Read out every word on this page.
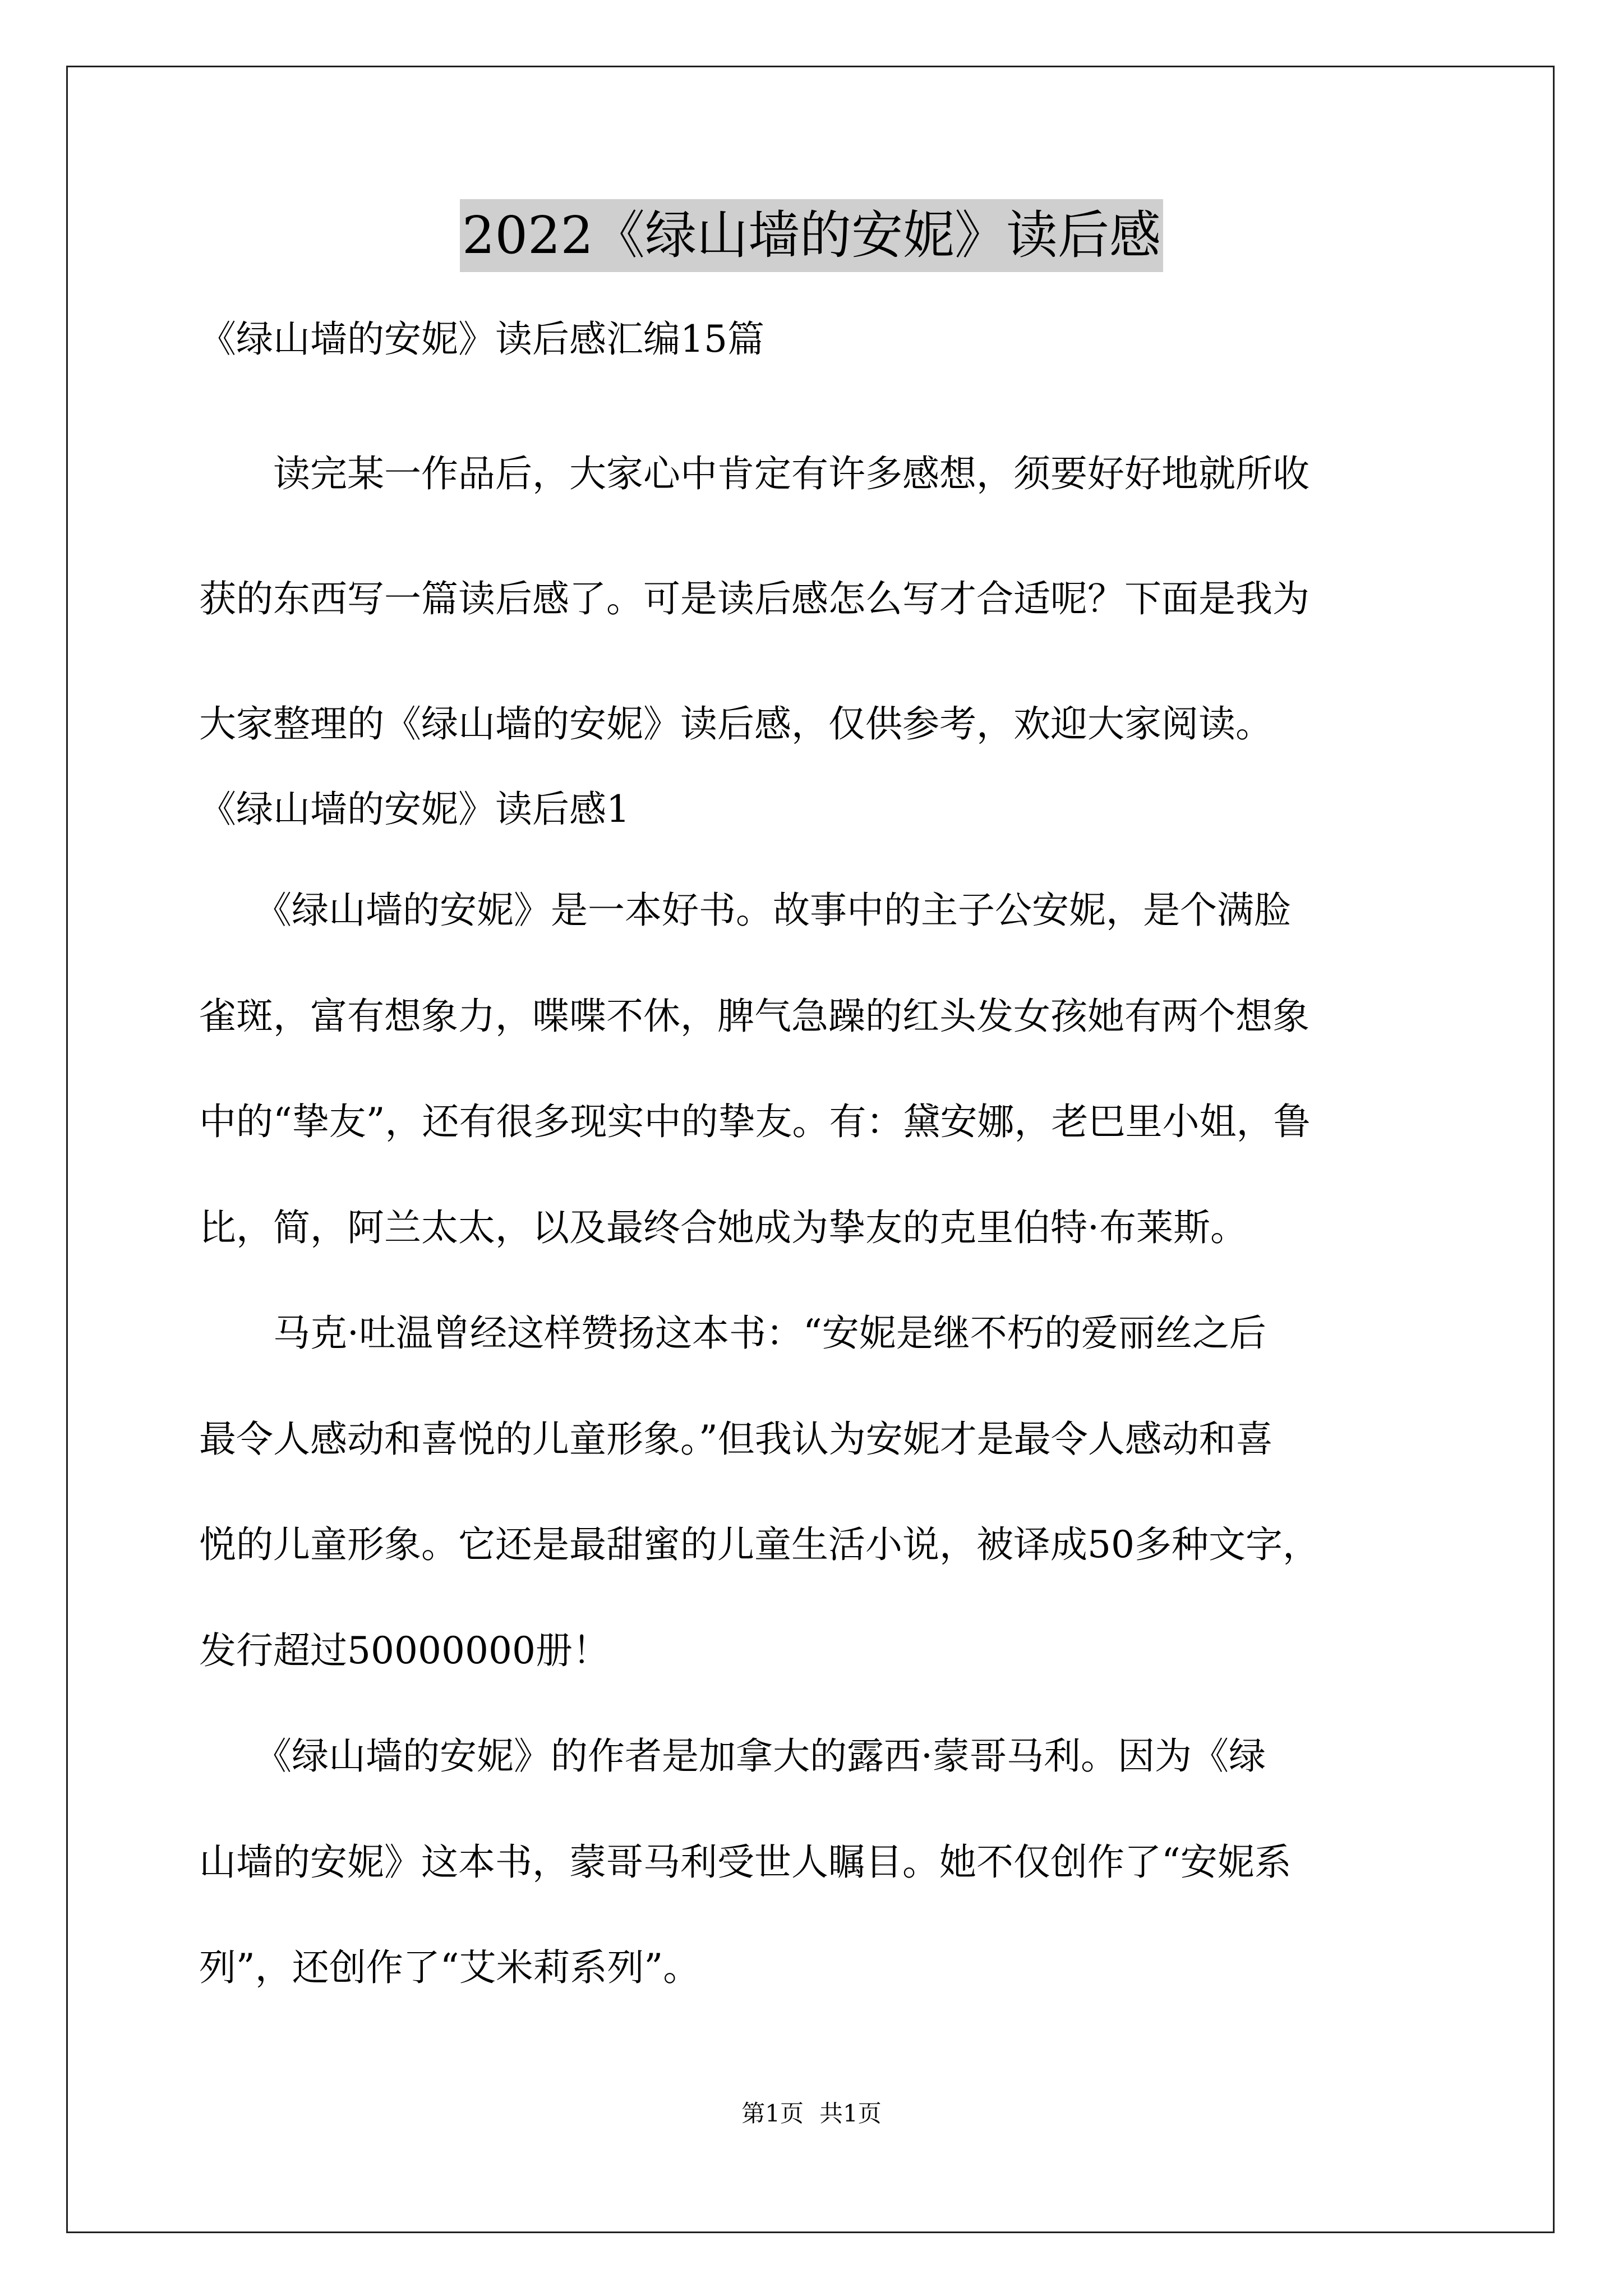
2022《绿山墙的安妮》读后感
《绿山墙的安妮》读后感汇编15篇
　　读完某一作品后，大家心中肯定有许多感想，须要好好地就所收
获的东西写一篇读后感了。可是读后感怎么写才合适呢？下面是我为
大家整理的《绿山墙的安妮》读后感，仅供参考，欢迎大家阅读。
《绿山墙的安妮》读后感1
　　《绿山墙的安妮》是一本好书。故事中的主子公安妮，是个满脸
雀斑，富有想象力，喋喋不休，脾气急躁的红头发女孩她有两个想象
中的“挚友”，还有很多现实中的挚友。有：黛安娜，老巴里小姐，鲁
比，简，阿兰太太，以及最终合她成为挚友的克里伯特·布莱斯。
　　马克·吐温曾经这样赞扬这本书：“安妮是继不朽的爱丽丝之后
最令人感动和喜悦的儿童形象。”但我认为安妮才是最令人感动和喜
悦的儿童形象。它还是最甜蜜的儿童生活小说，被译成50多种文字，
发行超过50000000册！
　　《绿山墙的安妮》的作者是加拿大的露西·蒙哥马利。因为《绿
山墙的安妮》这本书，蒙哥马利受世人瞩目。她不仅创作了“安妮系
列”，还创作了“艾米莉系列”。
第1页 共1页
